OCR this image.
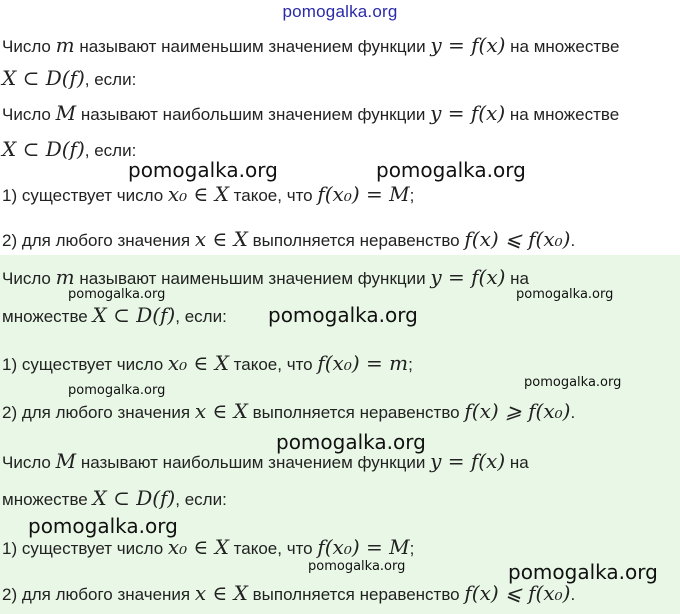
pomogalka.org
Число m называют наименьшим значением функции y = f(x) на множестве
X ⊂ D(f), если:
Число M называют наибольшим значением функции y = f(x) на множестве
X ⊂ D(f), если:
1) существует число x₀ ∈ X такое, что f(x₀) = M;
2) для любого значения x ∈ X выполняется неравенство f(x) ⩽ f(x₀).
Число m называют наименьшим значением функции y = f(x) на
множестве X ⊂ D(f), если:
1) существует число x₀ ∈ X такое, что f(x₀) = m;
2) для любого значения x ∈ X выполняется неравенство f(x) ⩾ f(x₀).
Число M называют наибольшим значением функции y = f(x) на
множестве X ⊂ D(f), если:
1) существует число x₀ ∈ X такое, что f(x₀) = M;
2) для любого значения x ∈ X выполняется неравенство f(x) ⩽ f(x₀).
pomogalka.org	pomogalka.org
pomogalka.org	pomogalka.org
pomogalka.org
pomogalka.org
pomogalka.org
pomogalka.org
pomogalka.org
pomogalka.org	pomogalka.org
